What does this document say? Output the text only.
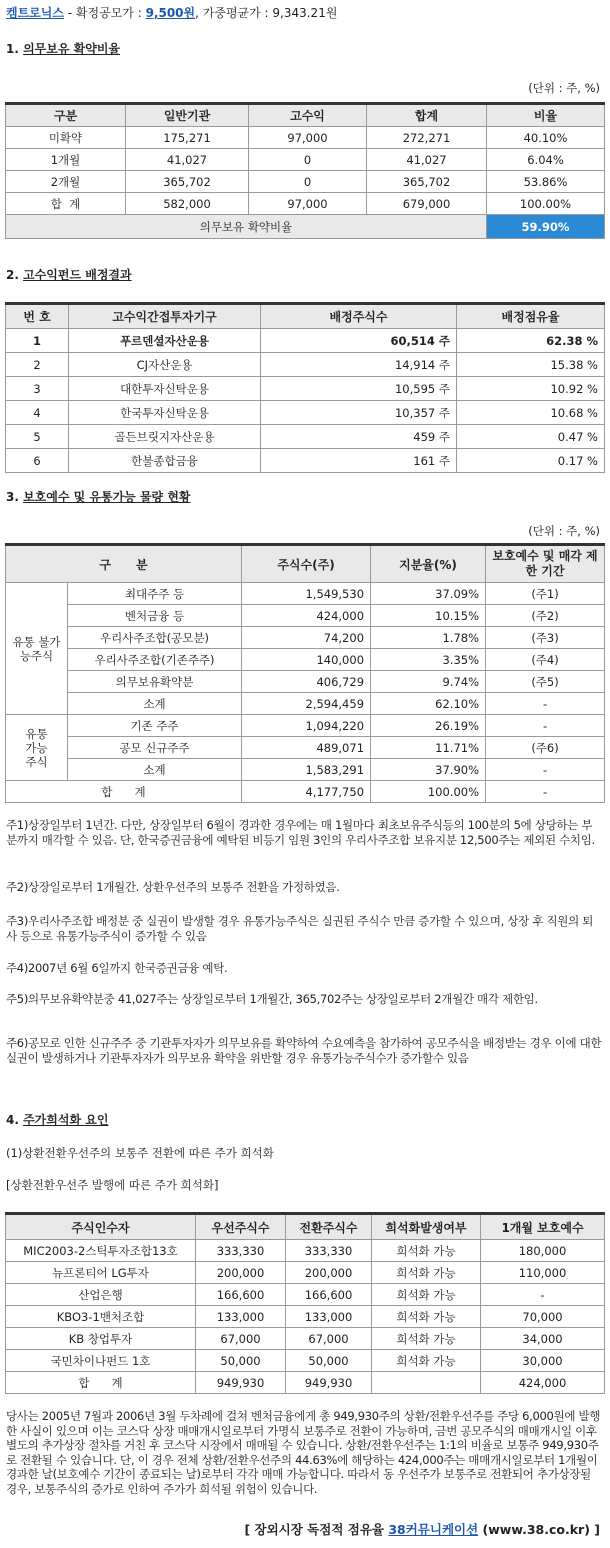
켐트로닉스 - 확정공모가 : 9,500원, 가중평균가 : 9,343.21원
1. 의무보유 확약비율
(단위 : 주, %)
구분	일반기관	고수익	합계	비율
미확약	175,271	97,000	272,271	40.10%
1개월	41,027	0	41,027	6.04%
2개월	365,702	0	365,702	53.86%
합  계	582,000	97,000	679,000	100.00%
의무보유 확약비율				59.90%
2. 고수익펀드 배정결과
번 호	고수익간접투자기구	배정주식수	배정점유율
1	푸르덴셜자산운용	60,514 주	62.38 %
2	CJ자산운용	14,914 주	15.38 %
3	대한투자신탁운용	10,595 주	10.92 %
4	한국투자신탁운용	10,357 주	10.68 %
5	골든브릿지자산운용	459 주	0.47 %
6	한불종합금융	161 주	0.17 %
3. 보호예수 및 유통가능 물량 현황
(단위 : 주, %)
구      분		주식수(주)	지분율(%)	보호예수 및 매각 제한 기간
유통 불가능주식	최대주주 등	1,549,530	37.09%	(주1)
	벤처금융 등	424,000	10.15%	(주2)
	우리사주조합(공모분)	74,200	1.78%	(주3)
	우리사주조합(기존주주)	140,000	3.35%	(주4)
	의무보유확약분	406,729	9.74%	(주5)
	소계	2,594,459	62.10%	-
유통 가능 주식	기존 주주	1,094,220	26.19%	-
	공모 신규주주	489,071	11.71%	(주6)
	소계	1,583,291	37.90%	-
합      계		4,177,750	100.00%	-
주1)상장일부터 1년간. 다만, 상장일부터 6월이 경과한 경우에는 매 1월마다 최초보유주식등의 100분의 5에 상당하는 부분까지 매각할 수 있음. 단, 한국증권금융에 예탁된 비등기 임원 3인의 우리사주조합 보유지분 12,500주는 제외된 수치임.
주2)상장일로부터 1개월간. 상환우선주의 보통주 전환을 가정하였음.
주3)우리사주조합 배정분 중 실권이 발생할 경우 유통가능주식은 실권된 주식수 만큼 증가할 수 있으며, 상장 후 직원의 퇴사 등으로 유통가능주식이 증가할 수 있음
주4)2007년 6월 6일까지 한국증권금융 예탁.
주5)의무보유확약분중 41,027주는 상장일로부터 1개월간, 365,702주는 상장일로부터 2개월간 매각 제한임.
주6)공모로 인한 신규주주 중 기관투자자가 의무보유를 확약하여 수요예측을 참가하여 공모주식을 배정받는 경우 이에 대한 실권이 발생하거나 기관투자자가 의무보유 확약을 위반할 경우 유통가능주식수가 증가할수 있음
4. 주가희석화 요인
(1)상환전환우선주의 보통주 전환에 따른 주가 희석화
[상환전환우선주 발행에 따른 주가 희석화]
주식인수자	우선주식수	전환주식수	희석화발생여부	1개월 보호예수
MIC2003-2스틱투자조합13호	333,330	333,330	희석화 가능	180,000
뉴프론티어 LG투자	200,000	200,000	희석화 가능	110,000
산업은행	166,600	166,600	희석화 가능	-
KBO3-1밴처조합	133,000	133,000	희석화 가능	70,000
KB 창업투자	67,000	67,000	희석화 가능	34,000
국민차이나펀드 1호	50,000	50,000	희석화 가능	30,000
합      계	949,930	949,930		424,000
당사는 2005년 7월과 2006년 3월 두차례에 걸쳐 벤처금융에게 총 949,930주의 상환/전환우선주를 주당 6,000원에 발행한 사실이 있으며 이는 코스닥 상장 매매개시일로부터 가명식 보통주로 전환이 가능하며, 금번 공모주식의 매매개시일 이후 별도의 추가상장 절차를 거친 후 코스닥 시장에서 매매될 수 있습니다. 상환/전환우선주는 1:1의 비율로 보통주 949,930주로 전환될 수 있습니다. 단, 이 경우 전체 상환/전환우선주의 44.63%에 해당하는 424,000주는 매매개시일로부터 1개월이 경과한 날(보호예수 기간이 종료되는 날)로부터 각각 매매 가능합니다. 따라서 동 우선주가 보통주로 전환되어 추가상장될 경우, 보통주식의 증가로 인하여 주가가 희석될 위험이 있습니다.
[ 장외시장 독점적 점유율 38커뮤니케이션 (www.38.co.kr) ]
